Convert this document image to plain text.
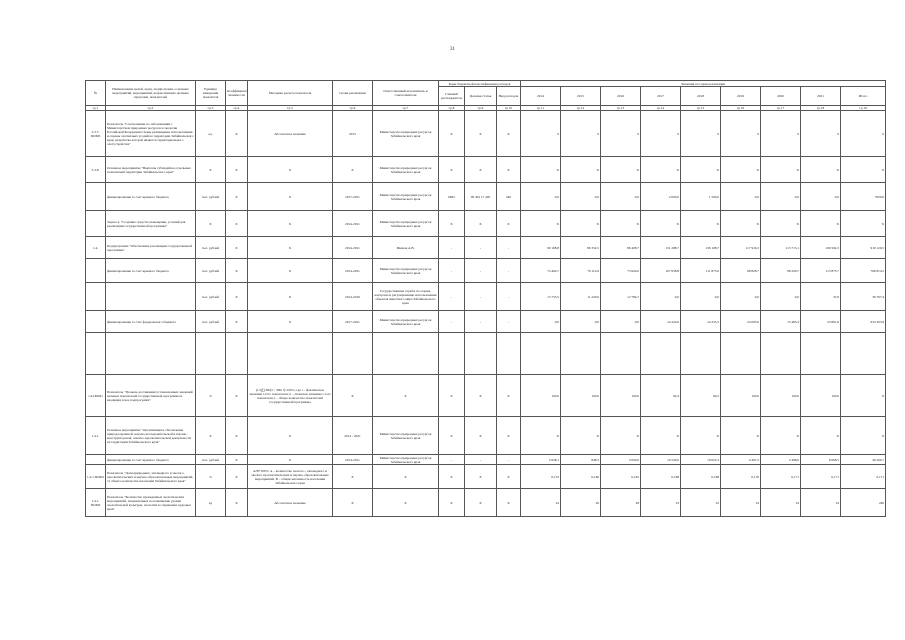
31
№	Наименование целей, задач, подпрограмм, основных мероприятий, мероприятий, ведомственных целевых программ, показателей	Единица измерения показателя	Коэффициент значимости	Методика расчета показателя	Сроки реализации	Ответственный исполнитель и соисполнители	Коды бюджетной классификации расходов			Значения по годам реализации								
							Главный распорядитель	Целевая статья	Вид расходов	2014	2015	2016	2017	2018	2019	2020	2021	Итого
гр.1	гр.2	гр.3	гр.4	гр.5	гр.6	гр.7	гр.8	гр.9	гр.10	гр.11	гр.12	гр.13	гр.14	гр.15	гр.16	гр.17	гр.18	гр.19
3.3.7. ПОМ5	Показатель "Соотношение по заболеваниям с Министерством природных ресурсов и экологии Российской Федерации Схемы размещения, использования и охраны охотничьих угодий на территории Забайкальского края, разработка которой является территориального охотустройства"	ед.	Х	Абсолютное значение	2015	Министерство природных ресурсов Забайкальского края	Х	Х	Х	0	0	0	0	0	0	0	0	0
3.3.8.	Основное мероприятие "Выплаты субсидий на отдельных полномочий территории Забайкальского края"	Х	Х	Х	Х	Министерство природных ресурсов Забайкальского края	Х	Х	Х	Х	Х	Х	Х	Х	Х	Х	Х	Х
	финансирование за счет краевого бюджета	тыс. рублей	Х	Х	2017-2021	Министерство природных ресурсов Забайкальского края	0665	09 302 17 405	240	0,0	0,0	0,0	2 000,0	1 500,0	0,0	0,0	0,0	7000,0
	Задача 4. "Создание средств оповещения, условий для реализации государственной программы"	Х	Х	Х	2014-2021	Министерство природных ресурсов Забайкальского края	Х	Х	Х	Х	Х	Х	Х	Х	Х	Х	Х	Х
1.4.	Подпрограмма "Обеспечение реализации государственной программы"	тыс. рублей	Х	Х	2014-2021	Иванов А.В.	-	-	-	90 168,8	86 354,5	86 408,7	131 288,7	136 108,7	117 916,3	113 715,1	109 562,3	919 129,5
	финансирование за счет краевого бюджета	тыс. рублей	Х	Х	2014-2021	Министерство природных ресурсов Забайкальского края	-	-	-	74 404,7	79 114,9	73 624,0	107 658,8	111 875,9	98 828,7	98 229,7	113 875,7	766 814,5
		тыс. рублей	Х	Х	2014-2016	Государственная служба по охране, контролю и регулированию использования объектов животного мира Забайкальского края	-	-	-	15 733,5	11 220,0	12 784,7	0,0	0,0	0,0	0,0	37,6	39 767,4
	финансирование за счет федерального бюджета	тыс. рублей	Х	Х	2017-2021	Министерство природных ресурсов Забайкальского края	-	-	-	0,0	0,0	0,0	24 224,9	24 233,3	24 093,6	15 485,4	23 891,6	634 303,9

1.4.ПОМ1	Показатель "Уровень достижения установленных значений целевых показателей государственной программы и входящих в нее подпрограмм"	%	Х	(1/i)∑(ЗПф i / ЗПп i)×100%, где i – фактическое значение i-того показателя; п – плановое значение i-того показателя; i – общее количество показателей государственной программы	Х	Х	Х	Х	Х	100,0	100,0	100,0	92,4	90,2	100,0	100,0	100,0	Х
1.4.1.	Основное мероприятие "Организация и обеспечение природоохранной, научно-исследовательской и научно-конструкторской, опытно-просветительской деятельности на территории Забайкальского края"	Х	Х	Х	2014 - 2021	Министерство природных ресурсов Забайкальского края	Х	Х	Х	Х	Х	Х	Х	Х	Х	Х	Х	Х
	финансирование за счет краевого бюджета	тыс. рублей	Х	Х	2014-2021	Министерство природных ресурсов Забайкальского края	-	-	-	2 628,1	848,3	5 000,0	19 540,0	10 022,3	4 497,3	2 498,0	9 608,5	49 260,7
1.4.1.ПОМ1	Показатель "Доля природных, заповедного и эколого-просветительских и научно-образовательных мероприятий, от общего количества населения Забайкальского края"	%	Х	A/B*100%, А – количество эколого-, заповедного и эколого-просветительских и научно-образовательных мероприятий, В – общая численность населения Забайкальского края	Х	Х	Х	Х	Х	0,153	0,160	0,165	0,168	0,168	0,170	0,171	0,171	0,171
1.4.1. ПОМ2	Показатель "Количество проведенных экологических мероприятий, направленных на повышение уровня экологической культуры, экологии и сохранения здоровья края"	ед	Х	Абсолютное значение	Х	Х	Х	Х	Х	24	26	28	33	32	34	34	34	240
